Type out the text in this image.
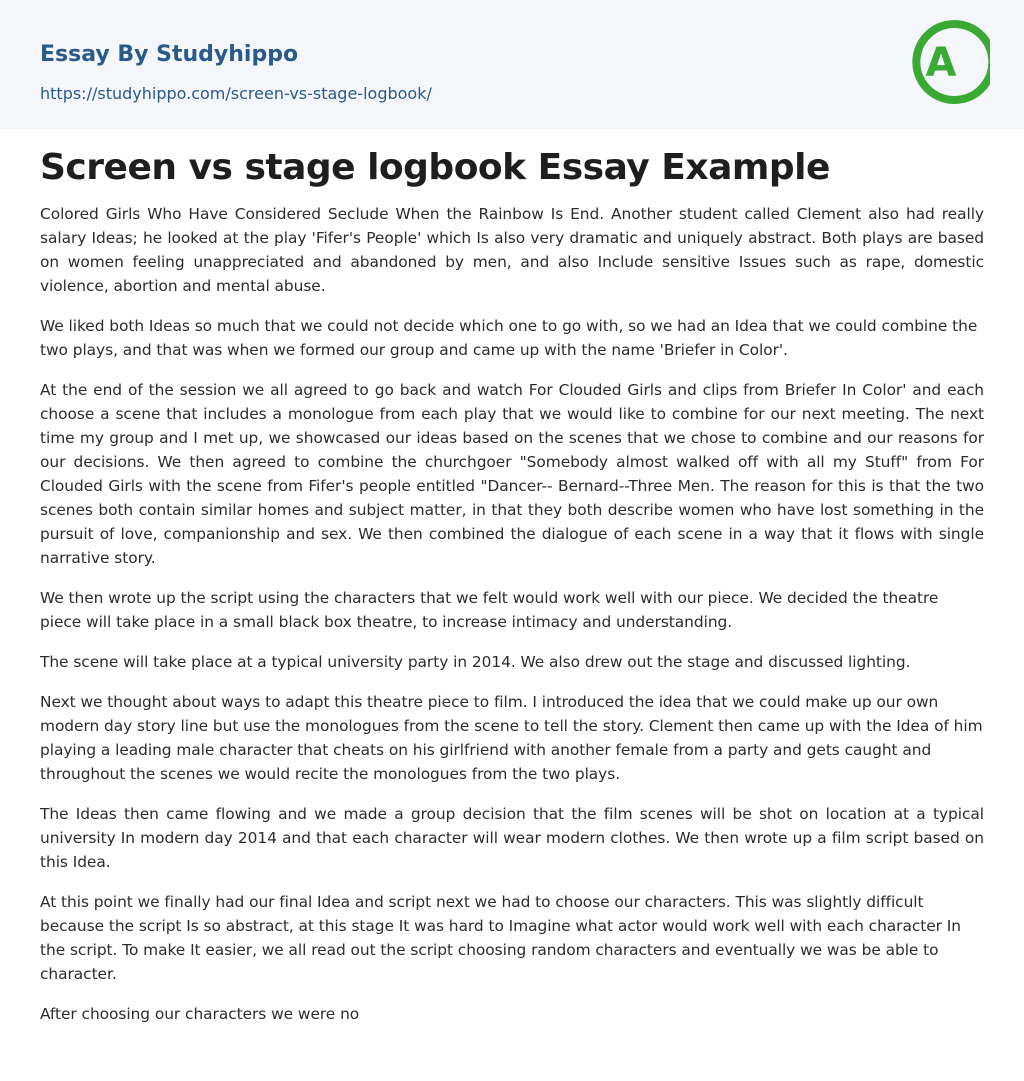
Essay By Studyhippo
https://studyhippo.com/screen-vs-stage-logbook/
A
Screen vs stage logbook Essay Example

Colored Girls Who Have Considered Seclude When the Rainbow Is End. Another student called Clement also had really salary Ideas; he looked at the play 'Fifer's People' which Is also very dramatic and uniquely abstract. Both plays are based on women feeling unappreciated and abandoned by men, and also Include sensitive Issues such as rape, domestic violence, abortion and mental abuse.

We liked both Ideas so much that we could not decide which one to go with, so we had an Idea that we could combine the two plays, and that was when we formed our group and came up with the name 'Briefer in Color'.

At the end of the session we all agreed to go back and watch For Clouded Girls and clips from Briefer In Color' and each choose a scene that includes a monologue from each play that we would like to combine for our next meeting. The next time my group and I met up, we showcased our ideas based on the scenes that we chose to combine and our reasons for our decisions. We then agreed to combine the churchgoer "Somebody almost walked off with all my Stuff" from For Clouded Girls with the scene from Fifer's people entitled "Dancer-- Bernard--Three Men. The reason for this is that the two scenes both contain similar homes and subject matter, in that they both describe women who have lost something in the pursuit of love, companionship and sex. We then combined the dialogue of each scene in a way that it flows with single narrative story.

We then wrote up the script using the characters that we felt would work well with our piece. We decided the theatre piece will take place in a small black box theatre, to increase intimacy and understanding.

The scene will take place at a typical university party in 2014. We also drew out the stage and discussed lighting.

Next we thought about ways to adapt this theatre piece to film. I introduced the idea that we could make up our own modern day story line but use the monologues from the scene to tell the story. Clement then came up with the Idea of him playing a leading male character that cheats on his girlfriend with another female from a party and gets caught and throughout the scenes we would recite the monologues from the two plays.

The Ideas then came flowing and we made a group decision that the film scenes will be shot on location at a typical university In modern day 2014 and that each character will wear modern clothes. We then wrote up a film script based on this Idea.

At this point we finally had our final Idea and script next we had to choose our characters. This was slightly difficult because the script Is so abstract, at this stage It was hard to Imagine what actor would work well with each character In the script. To make It easier, we all read out the script choosing random characters and eventually we was be able to character.

After choosing our characters we were no
